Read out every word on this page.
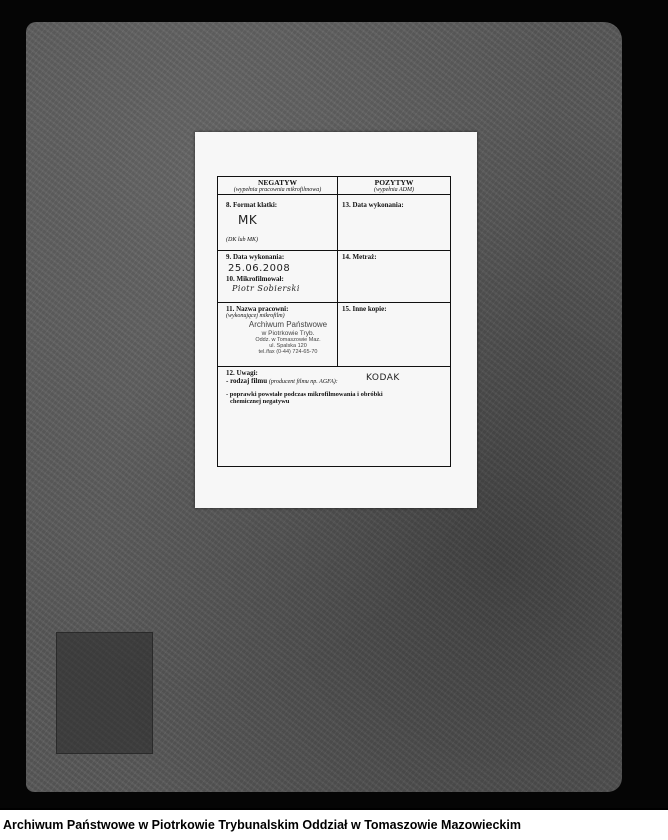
NEGATYW
(wypełnia pracownia mikrofilmowa)
POZYTYW
(wypełnia ADM)
8. Format klatki:
MK
(DK lub MK)
13. Data wykonania:
9. Data wykonania:
25.06.2008
10. Mikrofilmował:
Piotr Sobierski
14. Metraż:
11. Nazwa pracowni:
(wykonującej mikrofilm)
Archiwum Państwowe
w Piotrkowie Tryb.
Oddz. w Tomaszowie Maz.
ul. Spalska 120
tel./fax (0-44) 724-65-70
15. Inne kopie:
12. Uwagi:
- rodzaj filmu (producent filmu np. AGFA):	KODAK
- poprawki powstałe podczas mikrofilmowania i obróbki
chemicznej negatywu
Archiwum Państwowe w Piotrkowie Trybunalskim Oddział w Tomaszowie Mazowieckim
